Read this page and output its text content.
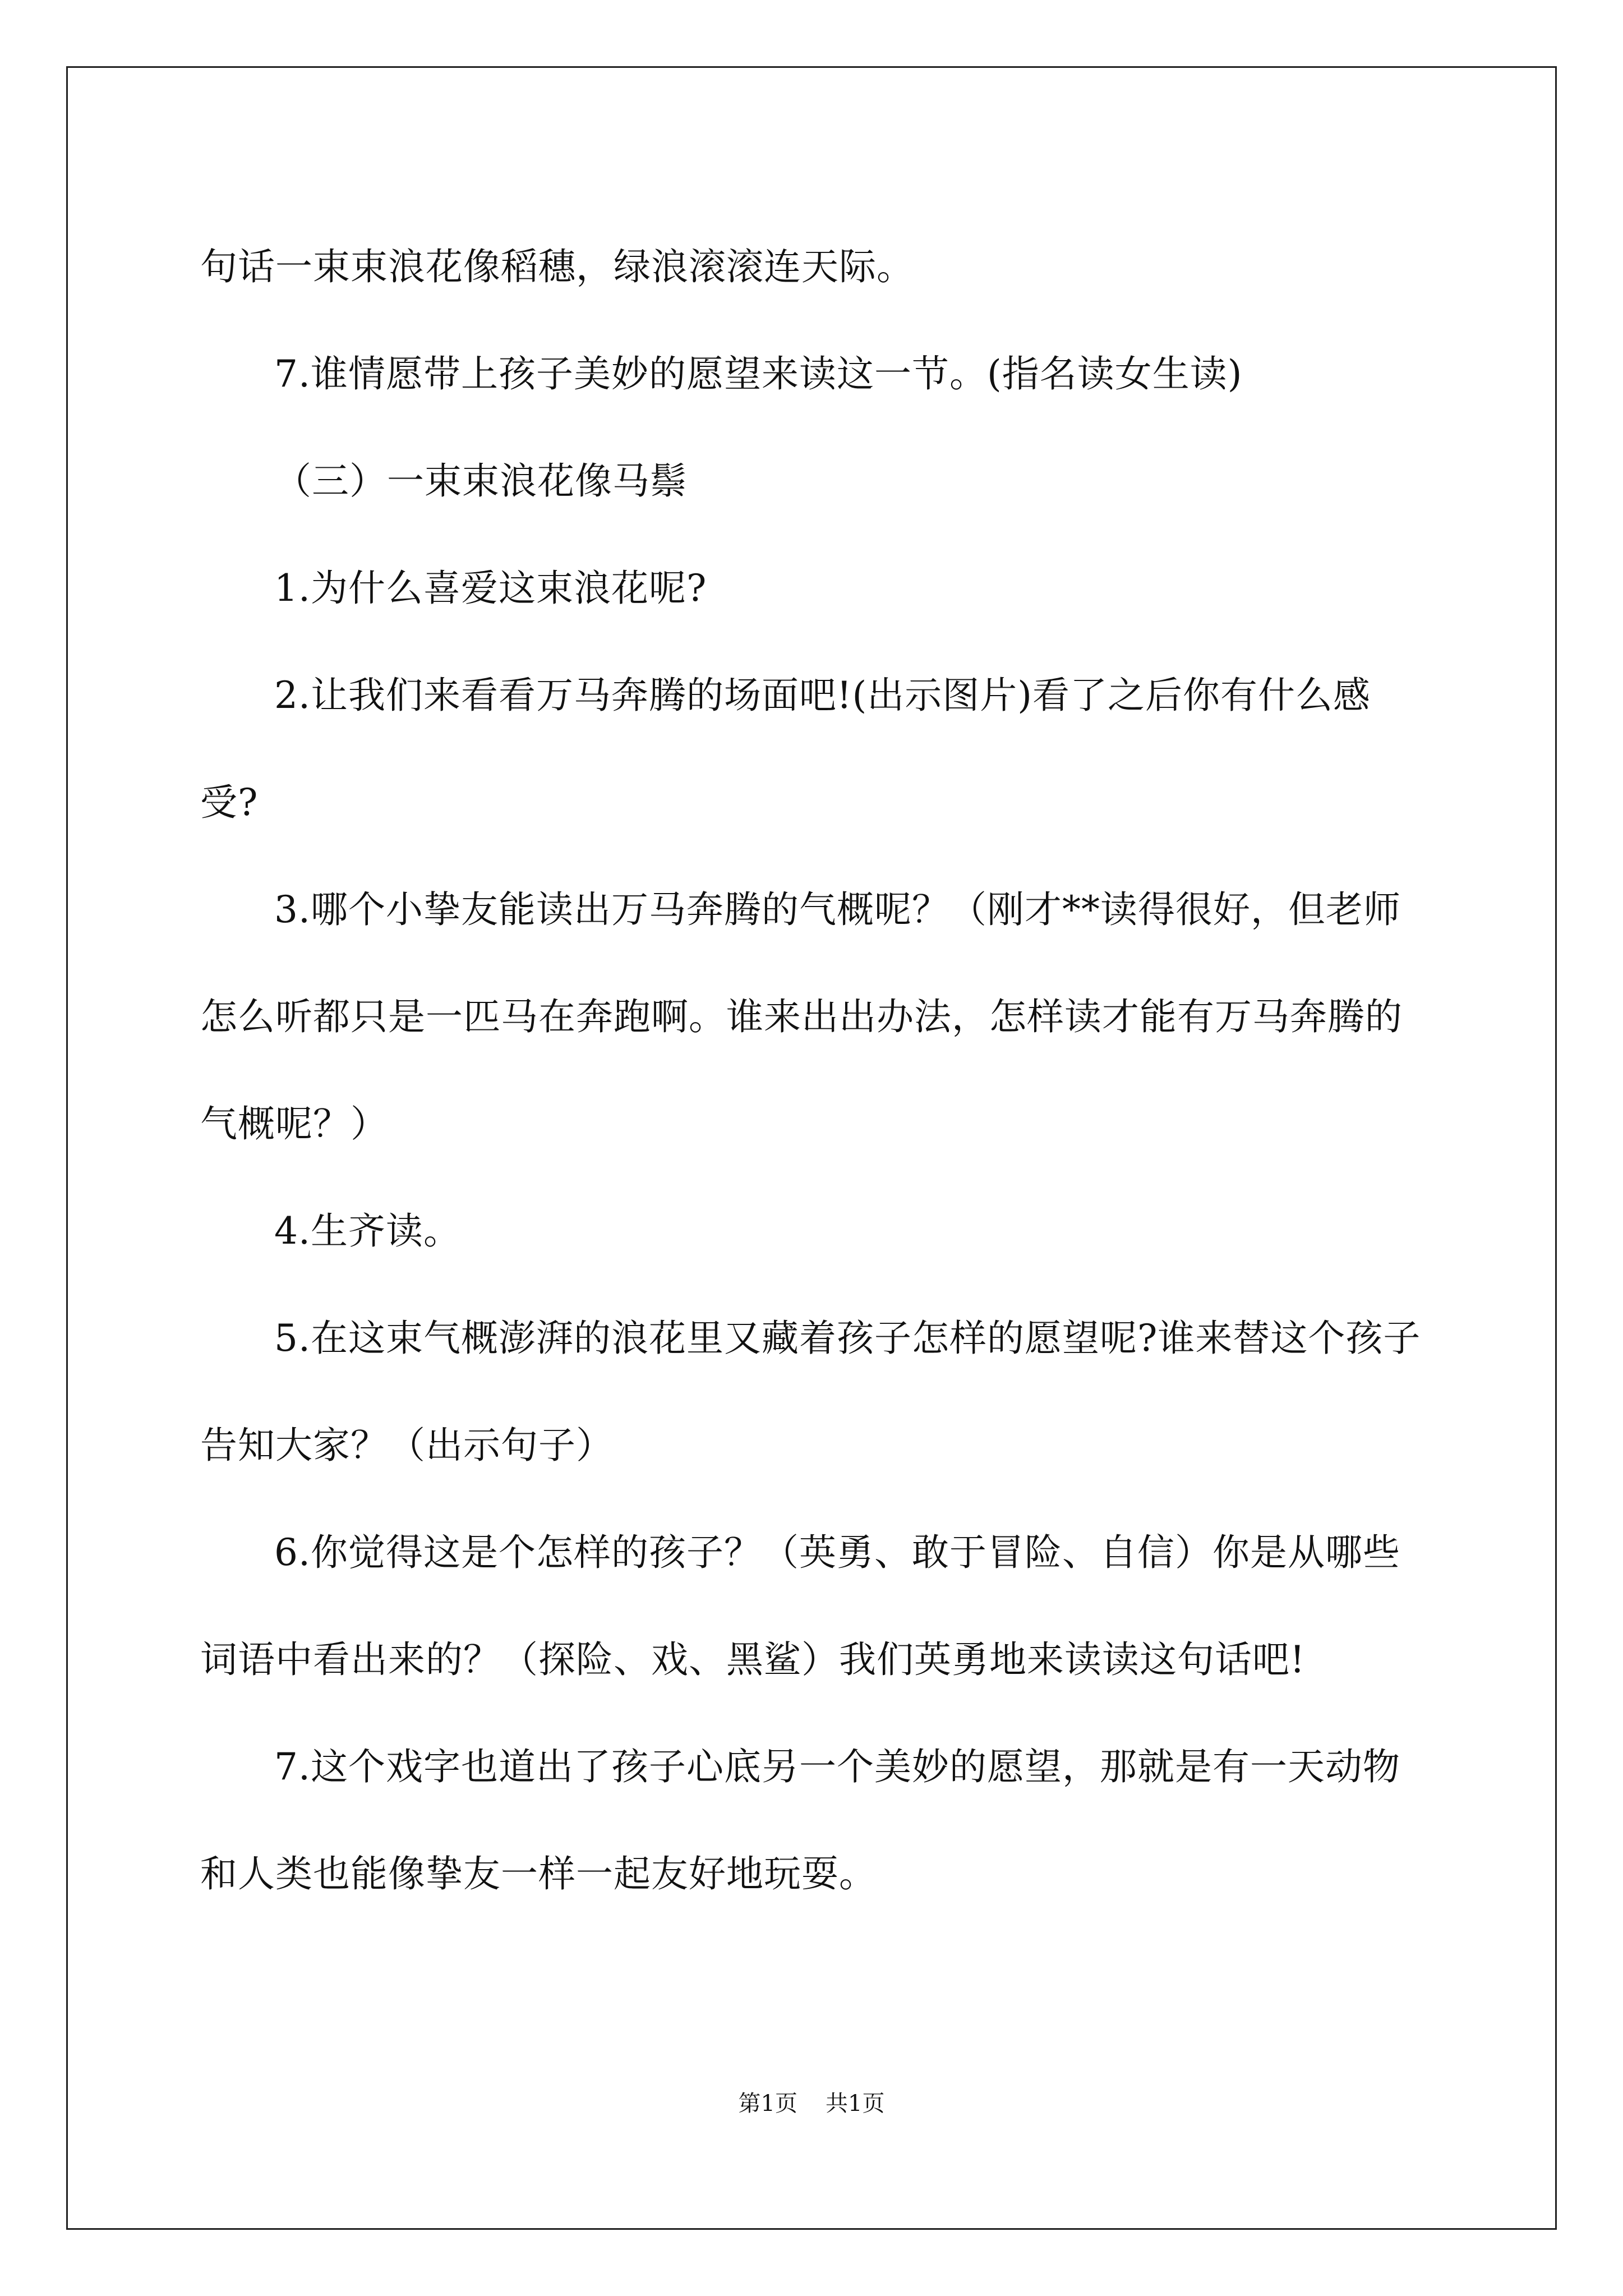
句话一束束浪花像稻穗，绿浪滚滚连天际。

7.谁情愿带上孩子美妙的愿望来读这一节。(指名读女生读)

（三）一束束浪花像马鬃

1.为什么喜爱这束浪花呢?

2.让我们来看看万马奔腾的场面吧!(出示图片)看了之后你有什么感受?

3.哪个小挚友能读出万马奔腾的气概呢？（刚才**读得很好，但老师怎么听都只是一匹马在奔跑啊。谁来出出办法，怎样读才能有万马奔腾的气概呢？）

4.生齐读。

5.在这束气概澎湃的浪花里又藏着孩子怎样的愿望呢?谁来替这个孩子告知大家？（出示句子）

6.你觉得这是个怎样的孩子？（英勇、敢于冒险、自信）你是从哪些词语中看出来的？（探险、戏、黑鲨）我们英勇地来读读这句话吧!

7.这个戏字也道出了孩子心底另一个美妙的愿望，那就是有一天动物和人类也能像挚友一样一起友好地玩耍。

第1页 共1页
